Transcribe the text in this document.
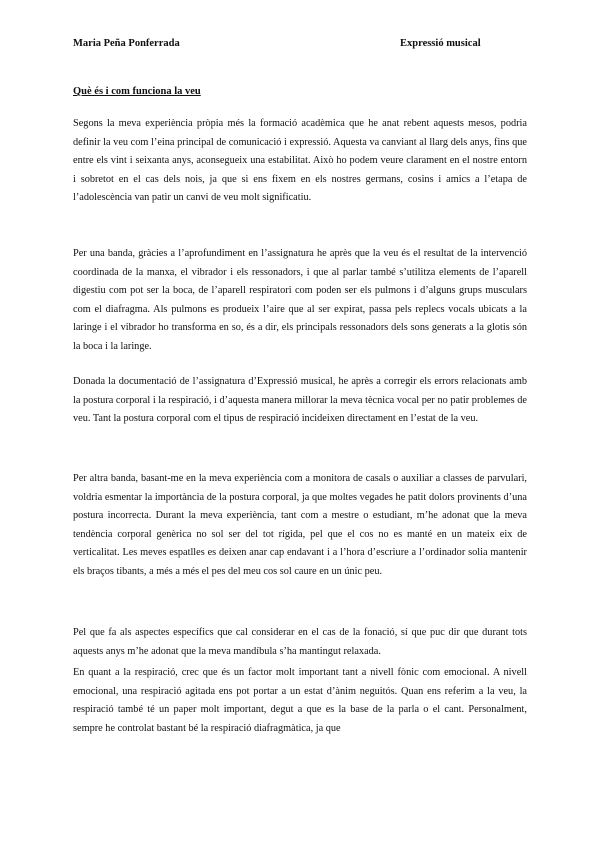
Maria Peña Ponferrada	Expressió musical
Què és i com funciona la veu

Segons la meva experiència pròpia més la formació acadèmica que he anat rebent aquests mesos, podria definir la veu com l’eina principal de comunicació i expressió. Aquesta va canviant al llarg dels anys, fins que entre els vint i seixanta anys, aconsegueix una estabilitat. Això ho podem veure clarament en el nostre entorn i sobretot en el cas dels nois, ja que si ens fixem en els nostres germans, cosins i amics a l’etapa de l’adolescència van patir un canvi de veu molt significatiu.

Per una banda, gràcies a l’aprofundiment en l’assignatura he après que la veu és el resultat de la intervenció coordinada de la manxa, el vibrador i els ressonadors, i que al parlar també s’utilitza elements de l’aparell digestiu com pot ser la boca, de l’aparell respiratori com poden ser els pulmons i d’alguns grups musculars com el diafragma. Als pulmons es produeix l’aire que al ser expirat, passa pels replecs vocals ubicats a la laringe i el vibrador ho transforma en so, és a dir, els principals ressonadors dels sons generats a la glotis són la boca i la laringe.

Donada la documentació de l’assignatura d’Expressió musical, he après a corregir els errors relacionats amb la postura corporal i la respiració, i d’aquesta manera millorar la meva tècnica vocal per no patir problemes de veu. Tant la postura corporal com el tipus de respiració incideixen directament en l’estat de la veu.

Per altra banda, basant-me en la meva experiència com a monitora de casals o auxiliar a classes de parvulari, voldria esmentar la importància de la postura corporal, ja que moltes vegades he patit dolors provinents d’una postura incorrecta. Durant la meva experiència, tant com a mestre o estudiant, m’he adonat que la meva tendència corporal genèrica no sol ser del tot rígida, pel que el cos no es manté en un mateix eix de verticalitat. Les meves espatlles es deixen anar cap endavant i a l’hora d’escriure a l’ordinador solia mantenir els braços tibants, a més a més el pes del meu cos sol caure en un únic peu.

Pel que fa als aspectes específics que cal considerar en el cas de la fonació, sí que puc dir que durant tots aquests anys m’he adonat que la meva mandíbula s’ha mantingut relaxada.

En quant a la respiració, crec que és un factor molt important tant a nivell fònic com emocional. A nivell emocional, una respiració agitada ens pot portar a un estat d’ànim neguitós. Quan ens referim a la veu, la respiració també té un paper molt important, degut a que es la base de la parla o el cant. Personalment, sempre he controlat bastant bé la respiració diafragmàtica, ja que
